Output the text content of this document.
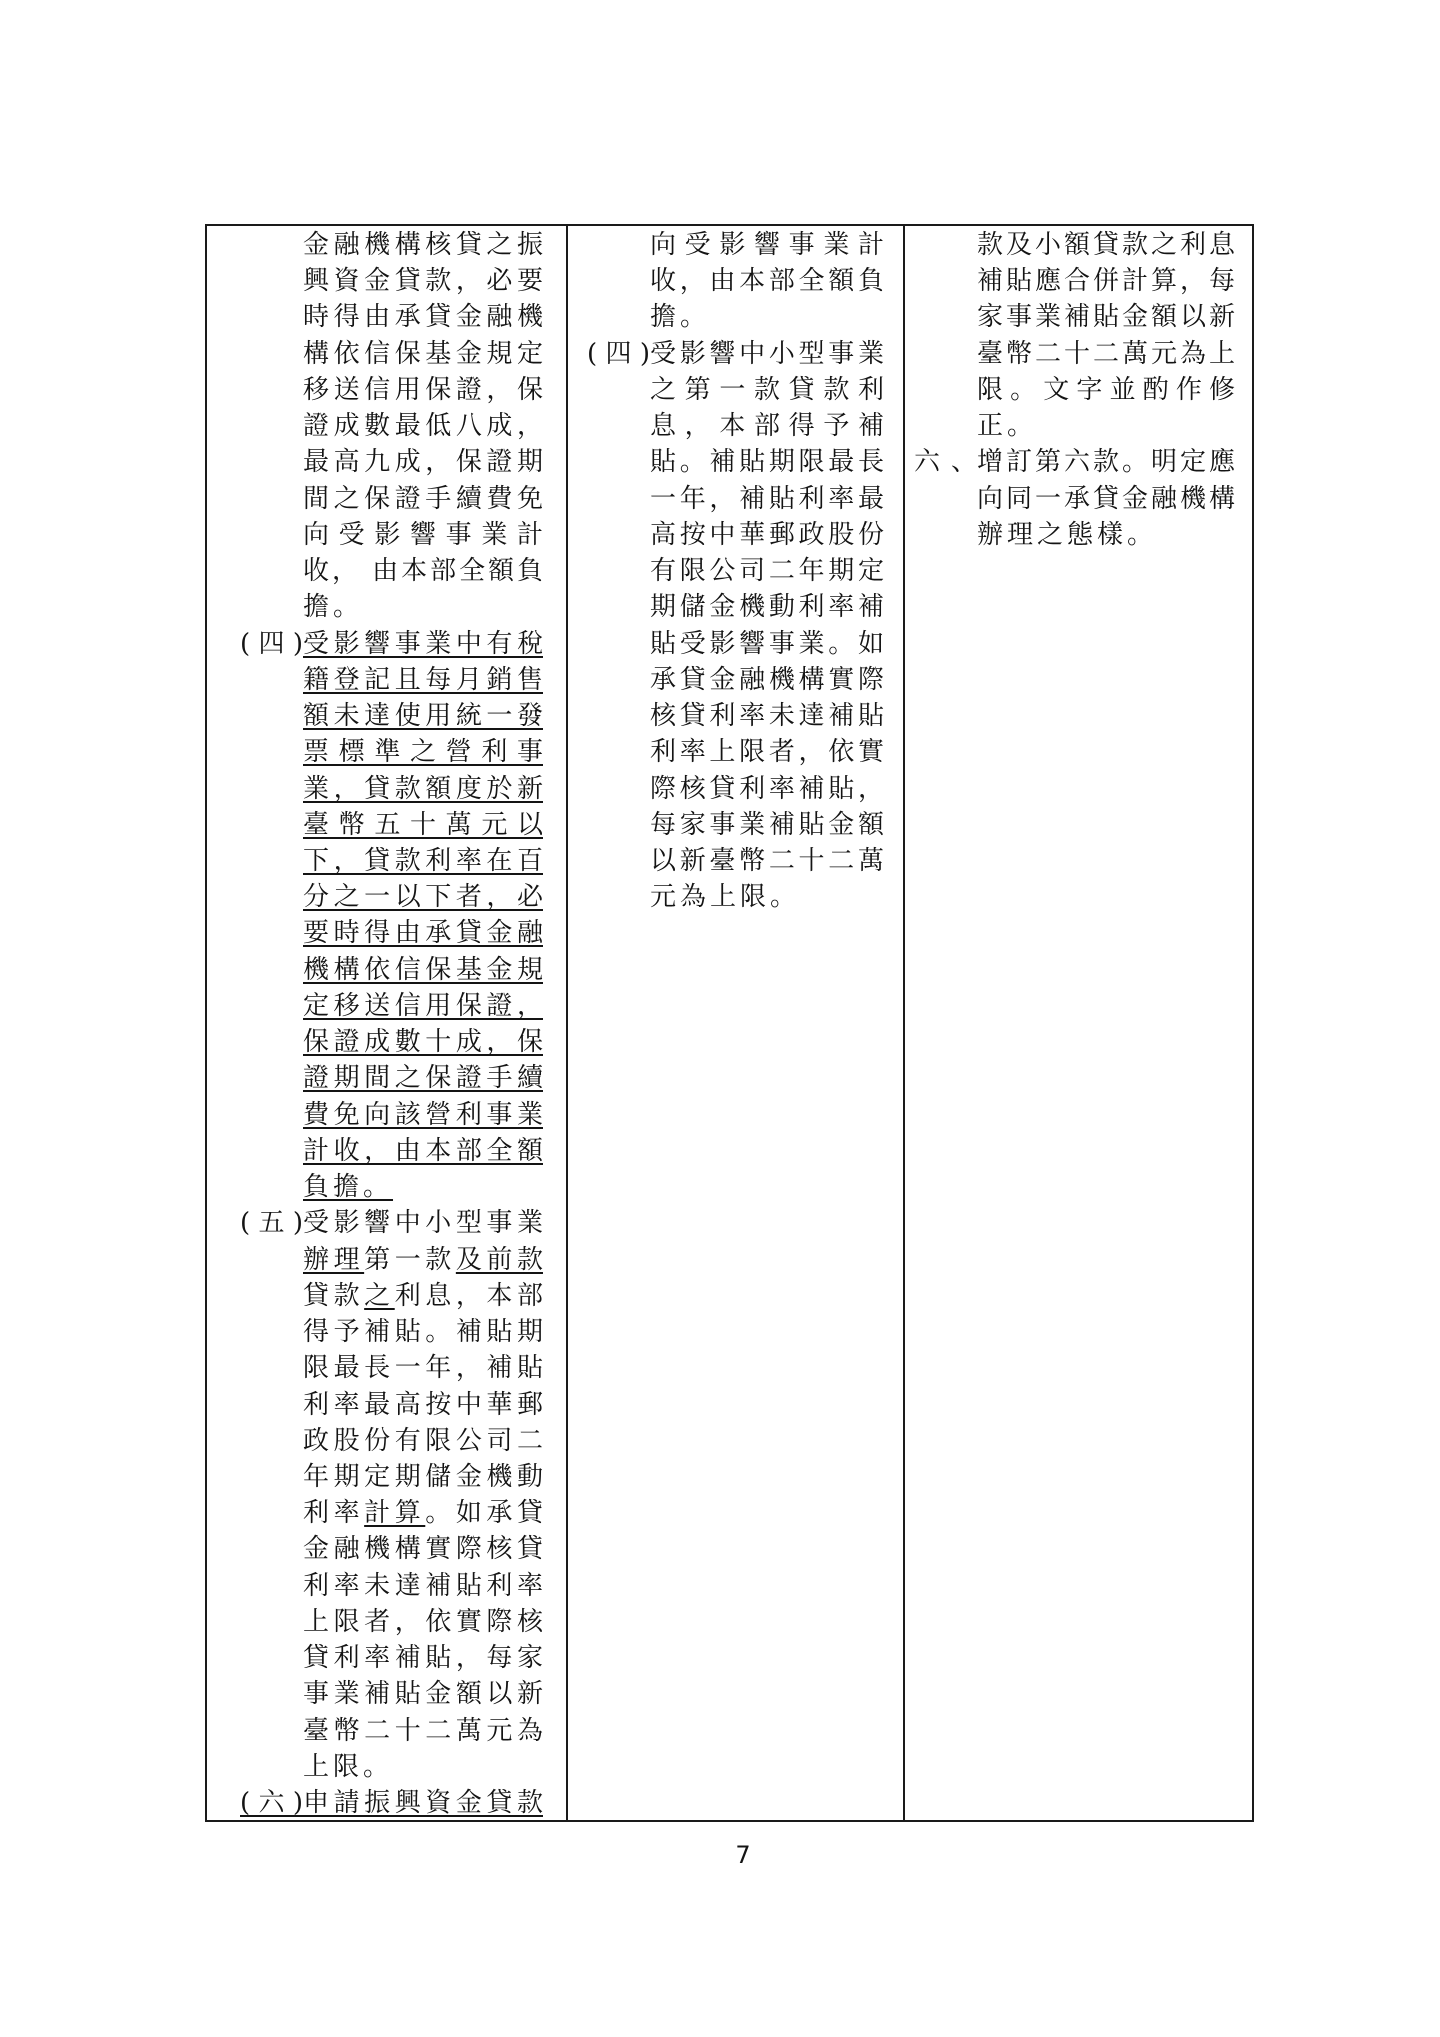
金融機構核貸之振
興資金貸款，必要
時得由承貸金融機
構依信保基金規定
移送信用保證，保
證成數最低八成，
最高九成，保證期
間之保證手續費免
向受影響事業計
收， 由本部全額負
擔。
(四) 受影響事業中有稅
籍登記且每月銷售
額未達使用統一發
票標準之營利事
業，貸款額度於新
臺幣五十萬元以
下，貸款利率在百
分之一以下者，必
要時得由承貸金融
機構依信保基金規
定移送信用保證，
保證成數十成，保
證期間之保證手續
費免向該營利事業
計收，由本部全額
負擔。
(五) 受影響中小型事業
辦理第一款及前款
貸款之利息，本部
得予補貼。補貼期
限最長一年，補貼
利率最高按中華郵
政股份有限公司二
年期定期儲金機動
利率計算。如承貸
金融機構實際核貸
利率未達補貼利率
上限者，依實際核
貸利率補貼，每家
事業補貼金額以新
臺幣二十二萬元為
上限。
(六) 申請振興資金貸款
向受影響事業計
收，由本部全額負
擔。
(四) 受影響中小型事業
之第一款貸款利
息，本部得予補
貼。補貼期限最長
一年，補貼利率最
高按中華郵政股份
有限公司二年期定
期儲金機動利率補
貼受影響事業。如
承貸金融機構實際
核貸利率未達補貼
利率上限者，依實
際核貸利率補貼，
每家事業補貼金額
以新臺幣二十二萬
元為上限。
款及小額貸款之利息
補貼應合併計算，每
家事業補貼金額以新
臺幣二十二萬元為上
限。文字並酌作修
正。
六、 增訂第六款。明定應
向同一承貸金融機構
辦理之態樣。
7
